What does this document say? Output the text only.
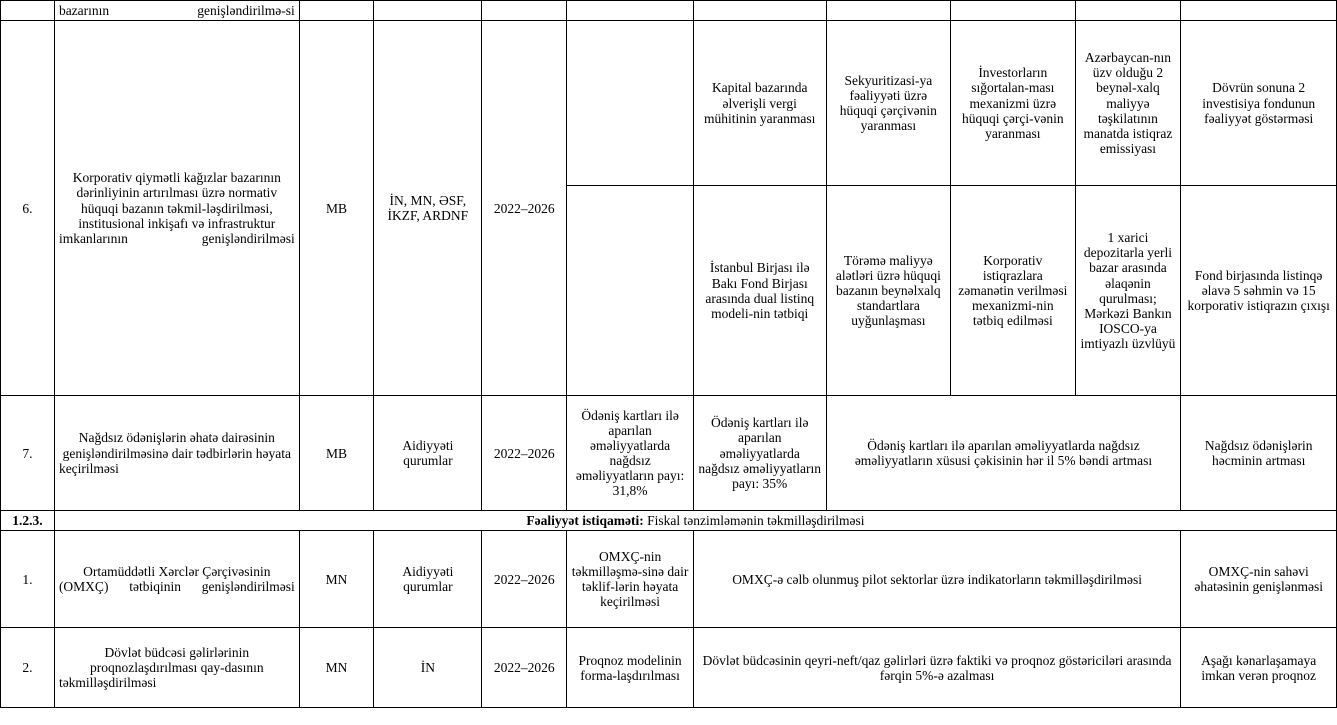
	bazarının genişləndirilmə-si									
6.	Korporativ qiymətli kağızlar bazarının dərinliyinin artırılması üzrə normativ hüquqi bazanın təkmil-ləşdirilməsi, institusional inkişafı və infrastruktur imkanlarının genişləndirilməsi	MB	İN, MN, ƏSF, İKZF, ARDNF	2022–2026		Kapital bazarında əlverişli vergi mühitinin yaranması	Sekyuritizasi-ya fəaliyyəti üzrə hüquqi çərçivənin yaranması	İnvestorların sığortalan-ması mexanizmi üzrə hüquqi çərçi-vənin yaranması	Azərbaycan-nın üzv olduğu 2 beynəl-xalq maliyyə təşkilatının manatda istiqraz emissiyası	Dövrün sonuna 2 investisiya fondunun fəaliyyət göstərməsi
						İstanbul Birjası ilə Bakı Fond Birjası arasında dual listinq modeli-nin tətbiqi	Törəmə maliyyə alətləri üzrə hüquqi bazanın beynəlxalq standartlara uyğunlaşması	Korporativ istiqrazlara zəmanətin verilməsi mexanizmi-nin tətbiq edilməsi	1 xarici depozitarla yerli bazar arasında əlaqənin qurulması; Mərkəzi Bankın IOSCO-ya imtiyazlı üzvlüyü	Fond birjasında listinqə əlavə 5 səhmin və 15 korporativ istiqrazın çıxışı
7.	Nağdsız ödənişlərin əhatə dairəsinin genişləndirilməsinə dair tədbirlərin həyata keçirilməsi	MB	Aidiyyəti qurumlar	2022–2026	Ödəniş kartları ilə aparılan əməliyyatlarda nağdsız əməliyyatların payı: 31,8%	Ödəniş kartları ilə aparılan əməliyyatlarda nağdsız əməliyyatların payı: 35%	Ödəniş kartları ilə aparılan əməliyyatlarda nağdsız əməliyyatların xüsusi çəkisinin hər il 5% bəndi artması			Nağdsız ödənişlərin həcminin artması
1.2.3.	Fəaliyyət istiqaməti: Fiskal tənzimləmənin təkmilləşdirilməsi									
1.	Ortamüddətli Xərclər Çərçivəsinin (OMXÇ) tətbiqinin genişləndirilməsi	MN	Aidiyyəti qurumlar	2022–2026	OMXÇ-nin təkmilləşmə-sinə dair təklif-lərin həyata keçirilməsi	OMXÇ-ə cəlb olunmuş pilot sektorlar üzrə indikatorların təkmilləşdirilməsi				OMXÇ-nin sahəvi əhatəsinin genişlənməsi
2.	Dövlət büdcəsi gəlirlərinin proqnozlaşdırılması qay-dasının təkmilləşdirilməsi	MN	İN	2022–2026	Proqnoz modelinin forma-laşdırılması	Dövlət büdcəsinin qeyri-neft/qaz gəlirləri üzrə faktiki və proqnoz göstəriciləri arasında fərqin 5%-ə azalması				Aşağı kənarlaşamaya imkan verən proqnoz
